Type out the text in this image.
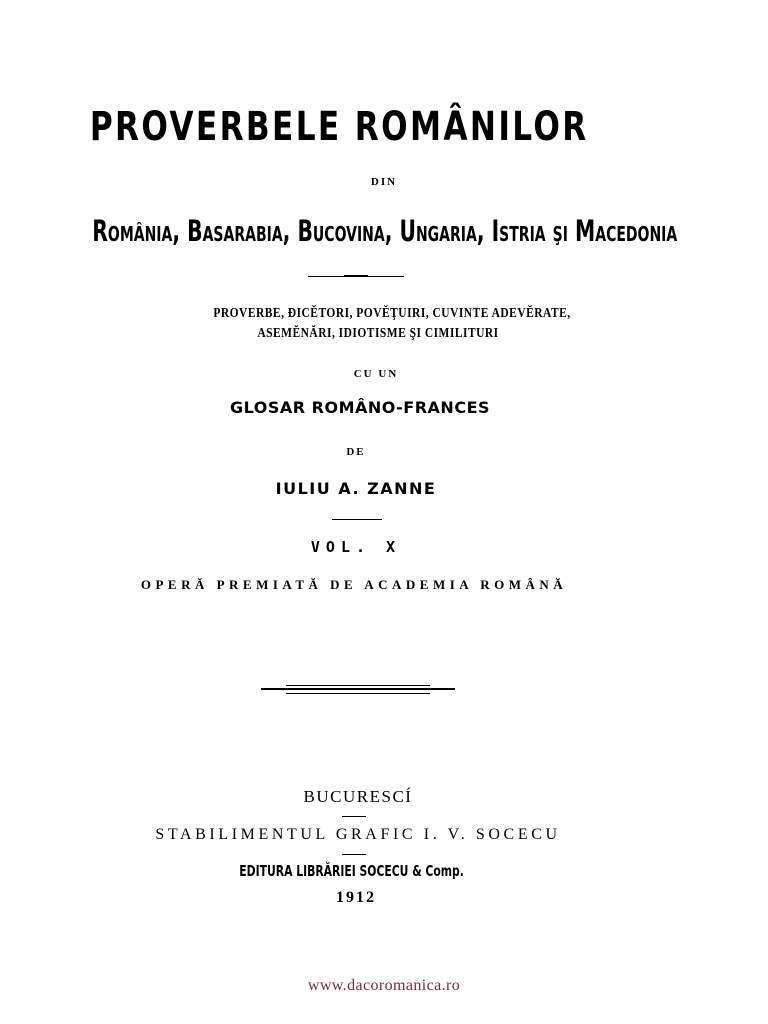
PROVERBELE ROMÂNILOR
DIN
România, Basarabia, Bucovina, Ungaria, Istria şi Macedonia
PROVERBE, ĐICĔTORI, POVĔŢUIRI, CUVINTE ADEVĔRATE,
ASEMĔNĂRI, IDIOTISME ŞI CIMILITURI
CU UN
GLOSAR ROMÂNO-FRANCES
DE
IULIU A. ZANNE
VOL. X
OPERĂ PREMIATĂ DE ACADEMIA ROMÂNĂ
BUCURESCÍ
STABILIMENTUL GRAFIC I. V. SOCECU
EDITURA LIBRĂRIEI SOCECU & Comp.
1912
www.dacoromanica.ro
